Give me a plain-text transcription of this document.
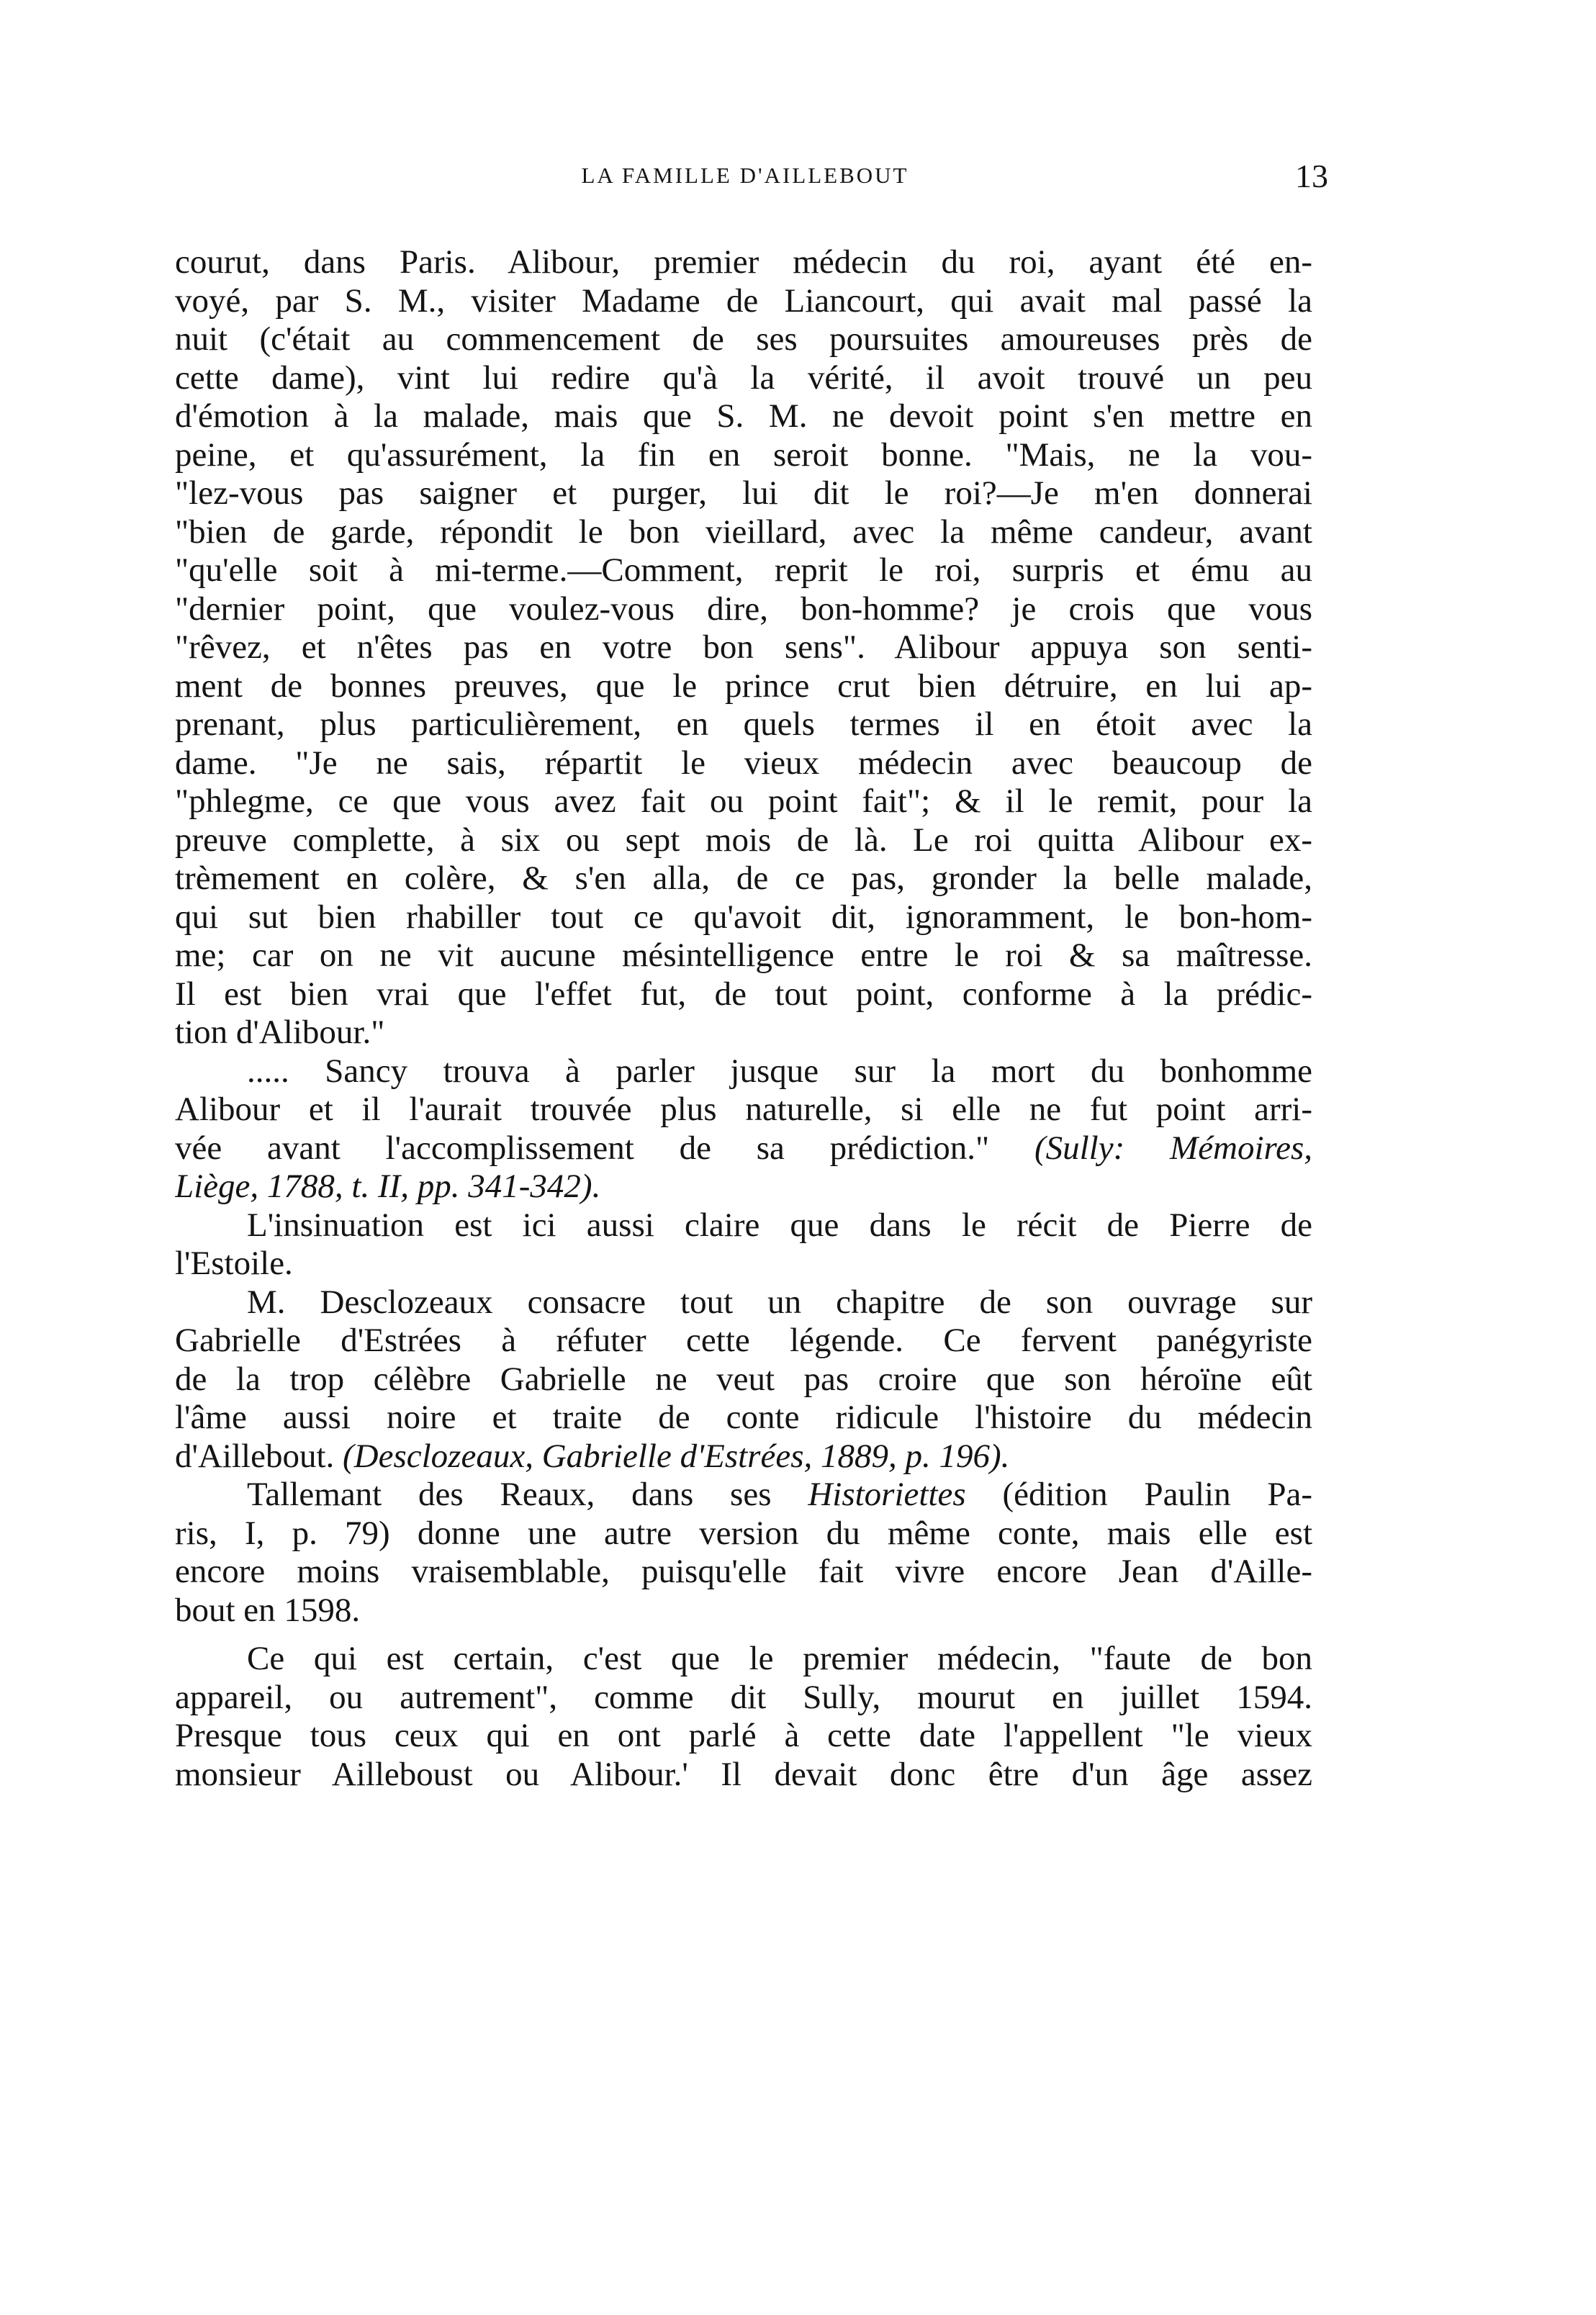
LA FAMILLE D'AILLEBOUT	13
courut, dans Paris. Alibour, premier médecin du roi, ayant été en-
voyé, par S. M., visiter Madame de Liancourt, qui avait mal passé la
nuit (c'était au commencement de ses poursuites amoureuses près de
cette dame), vint lui redire qu'à la vérité, il avoit trouvé un peu
d'émotion à la malade, mais que S. M. ne devoit point s'en mettre en
peine, et qu'assurément, la fin en seroit bonne. "Mais, ne la vou-
"lez-vous pas saigner et purger, lui dit le roi?—Je m'en donnerai
"bien de garde, répondit le bon vieillard, avec la même candeur, avant
"qu'elle soit à mi-terme.—Comment, reprit le roi, surpris et ému au
"dernier point, que voulez-vous dire, bon-homme? je crois que vous
"rêvez, et n'êtes pas en votre bon sens". Alibour appuya son senti-
ment de bonnes preuves, que le prince crut bien détruire, en lui ap-
prenant, plus particulièrement, en quels termes il en étoit avec la
dame. "Je ne sais, répartit le vieux médecin avec beaucoup de
"phlegme, ce que vous avez fait ou point fait"; & il le remit, pour la
preuve complette, à six ou sept mois de là. Le roi quitta Alibour ex-
trèmement en colère, & s'en alla, de ce pas, gronder la belle malade,
qui sut bien rhabiller tout ce qu'avoit dit, ignoramment, le bon-hom-
me; car on ne vit aucune mésintelligence entre le roi & sa maîtresse.
Il est bien vrai que l'effet fut, de tout point, conforme à la prédic-
tion d'Alibour."
..... Sancy trouva à parler jusque sur la mort du bonhomme
Alibour et il l'aurait trouvée plus naturelle, si elle ne fut point arri-
vée avant l'accomplissement de sa prédiction." (Sully: Mémoires,
Liège, 1788, t. II, pp. 341-342).
L'insinuation est ici aussi claire que dans le récit de Pierre de
l'Estoile.
M. Desclozeaux consacre tout un chapitre de son ouvrage sur
Gabrielle d'Estrées à réfuter cette légende. Ce fervent panégyriste
de la trop célèbre Gabrielle ne veut pas croire que son héroïne eût
l'âme aussi noire et traite de conte ridicule l'histoire du médecin
d'Aillebout. (Desclozeaux, Gabrielle d'Estrées, 1889, p. 196).
Tallemant des Reaux, dans ses Historiettes (édition Paulin Pa-
ris, I, p. 79) donne une autre version du même conte, mais elle est
encore moins vraisemblable, puisqu'elle fait vivre encore Jean d'Aille-
bout en 1598.
Ce qui est certain, c'est que le premier médecin, "faute de bon
appareil, ou autrement", comme dit Sully, mourut en juillet 1594.
Presque tous ceux qui en ont parlé à cette date l'appellent "le vieux
monsieur Ailleboust ou Alibour.' Il devait donc être d'un âge assez
